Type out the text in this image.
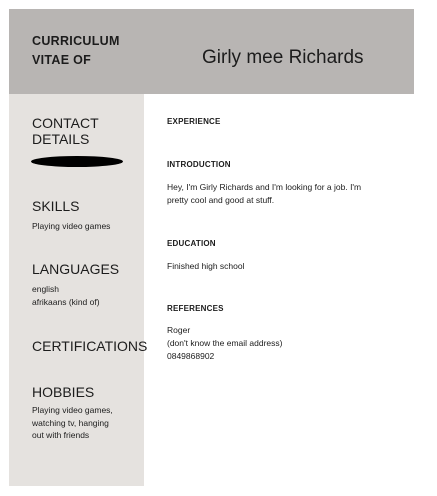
CURRICULUM VITAE OF	Girly mee Richards
CONTACT DETAILS
SKILLS
Playing video games
LANGUAGES
english
afrikaans (kind of)
CERTIFICATIONS
HOBBIES
Playing video games,
watching tv, hanging
out with friends
EXPERIENCE
INTRODUCTION
Hey, I'm Girly Richards and I'm looking for a job. I'm
pretty cool and good at stuff.
EDUCATION
Finished high school
REFERENCES
Roger
(don't know the email address)
0849868902
